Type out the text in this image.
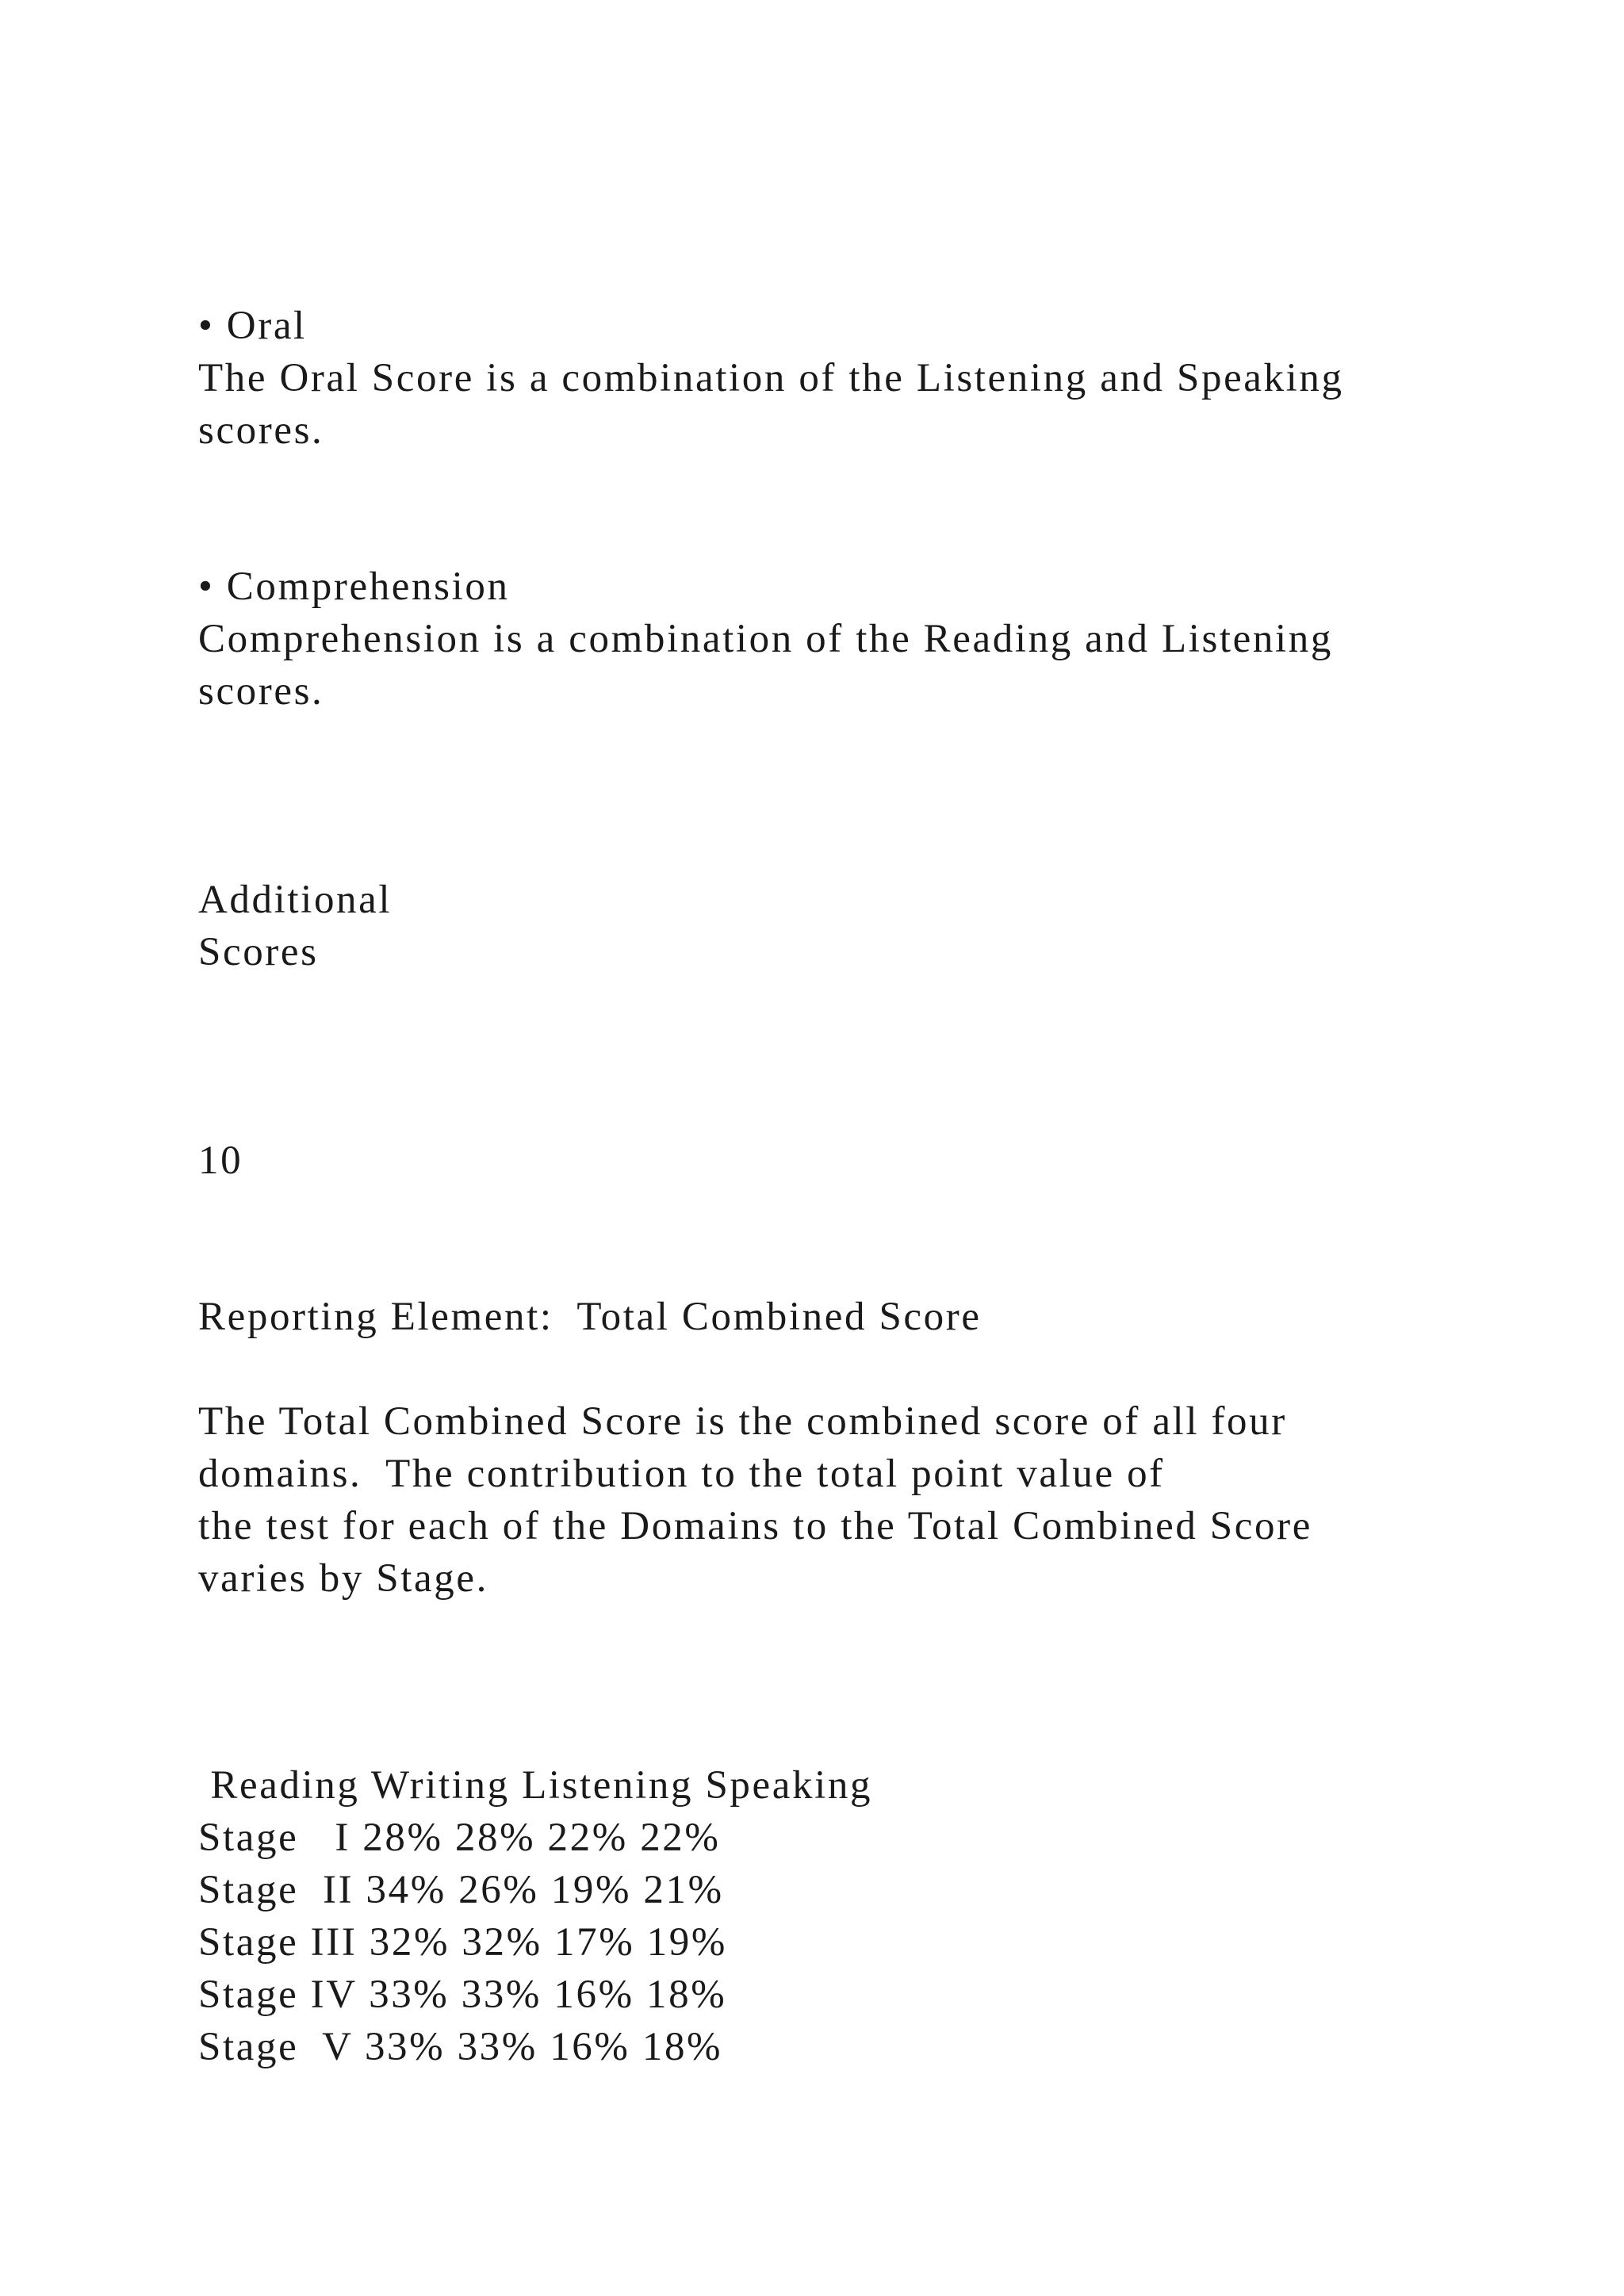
• Oral

The Oral Score is a combination of the Listening and Speaking

scores.

• Comprehension

Comprehension is a combination of the Reading and Listening

scores.

Additional

Scores

10

Reporting Element:  Total Combined Score

The Total Combined Score is the combined score of all four

domains.  The contribution to the total point value of

the test for each of the Domains to the Total Combined Score

varies by Stage.

Reading Writing Listening Speaking

Stage   I 28% 28% 22% 22%

Stage  II 34% 26% 19% 21%

Stage III 32% 32% 17% 19%

Stage IV 33% 33% 16% 18%

Stage  V 33% 33% 16% 18%
